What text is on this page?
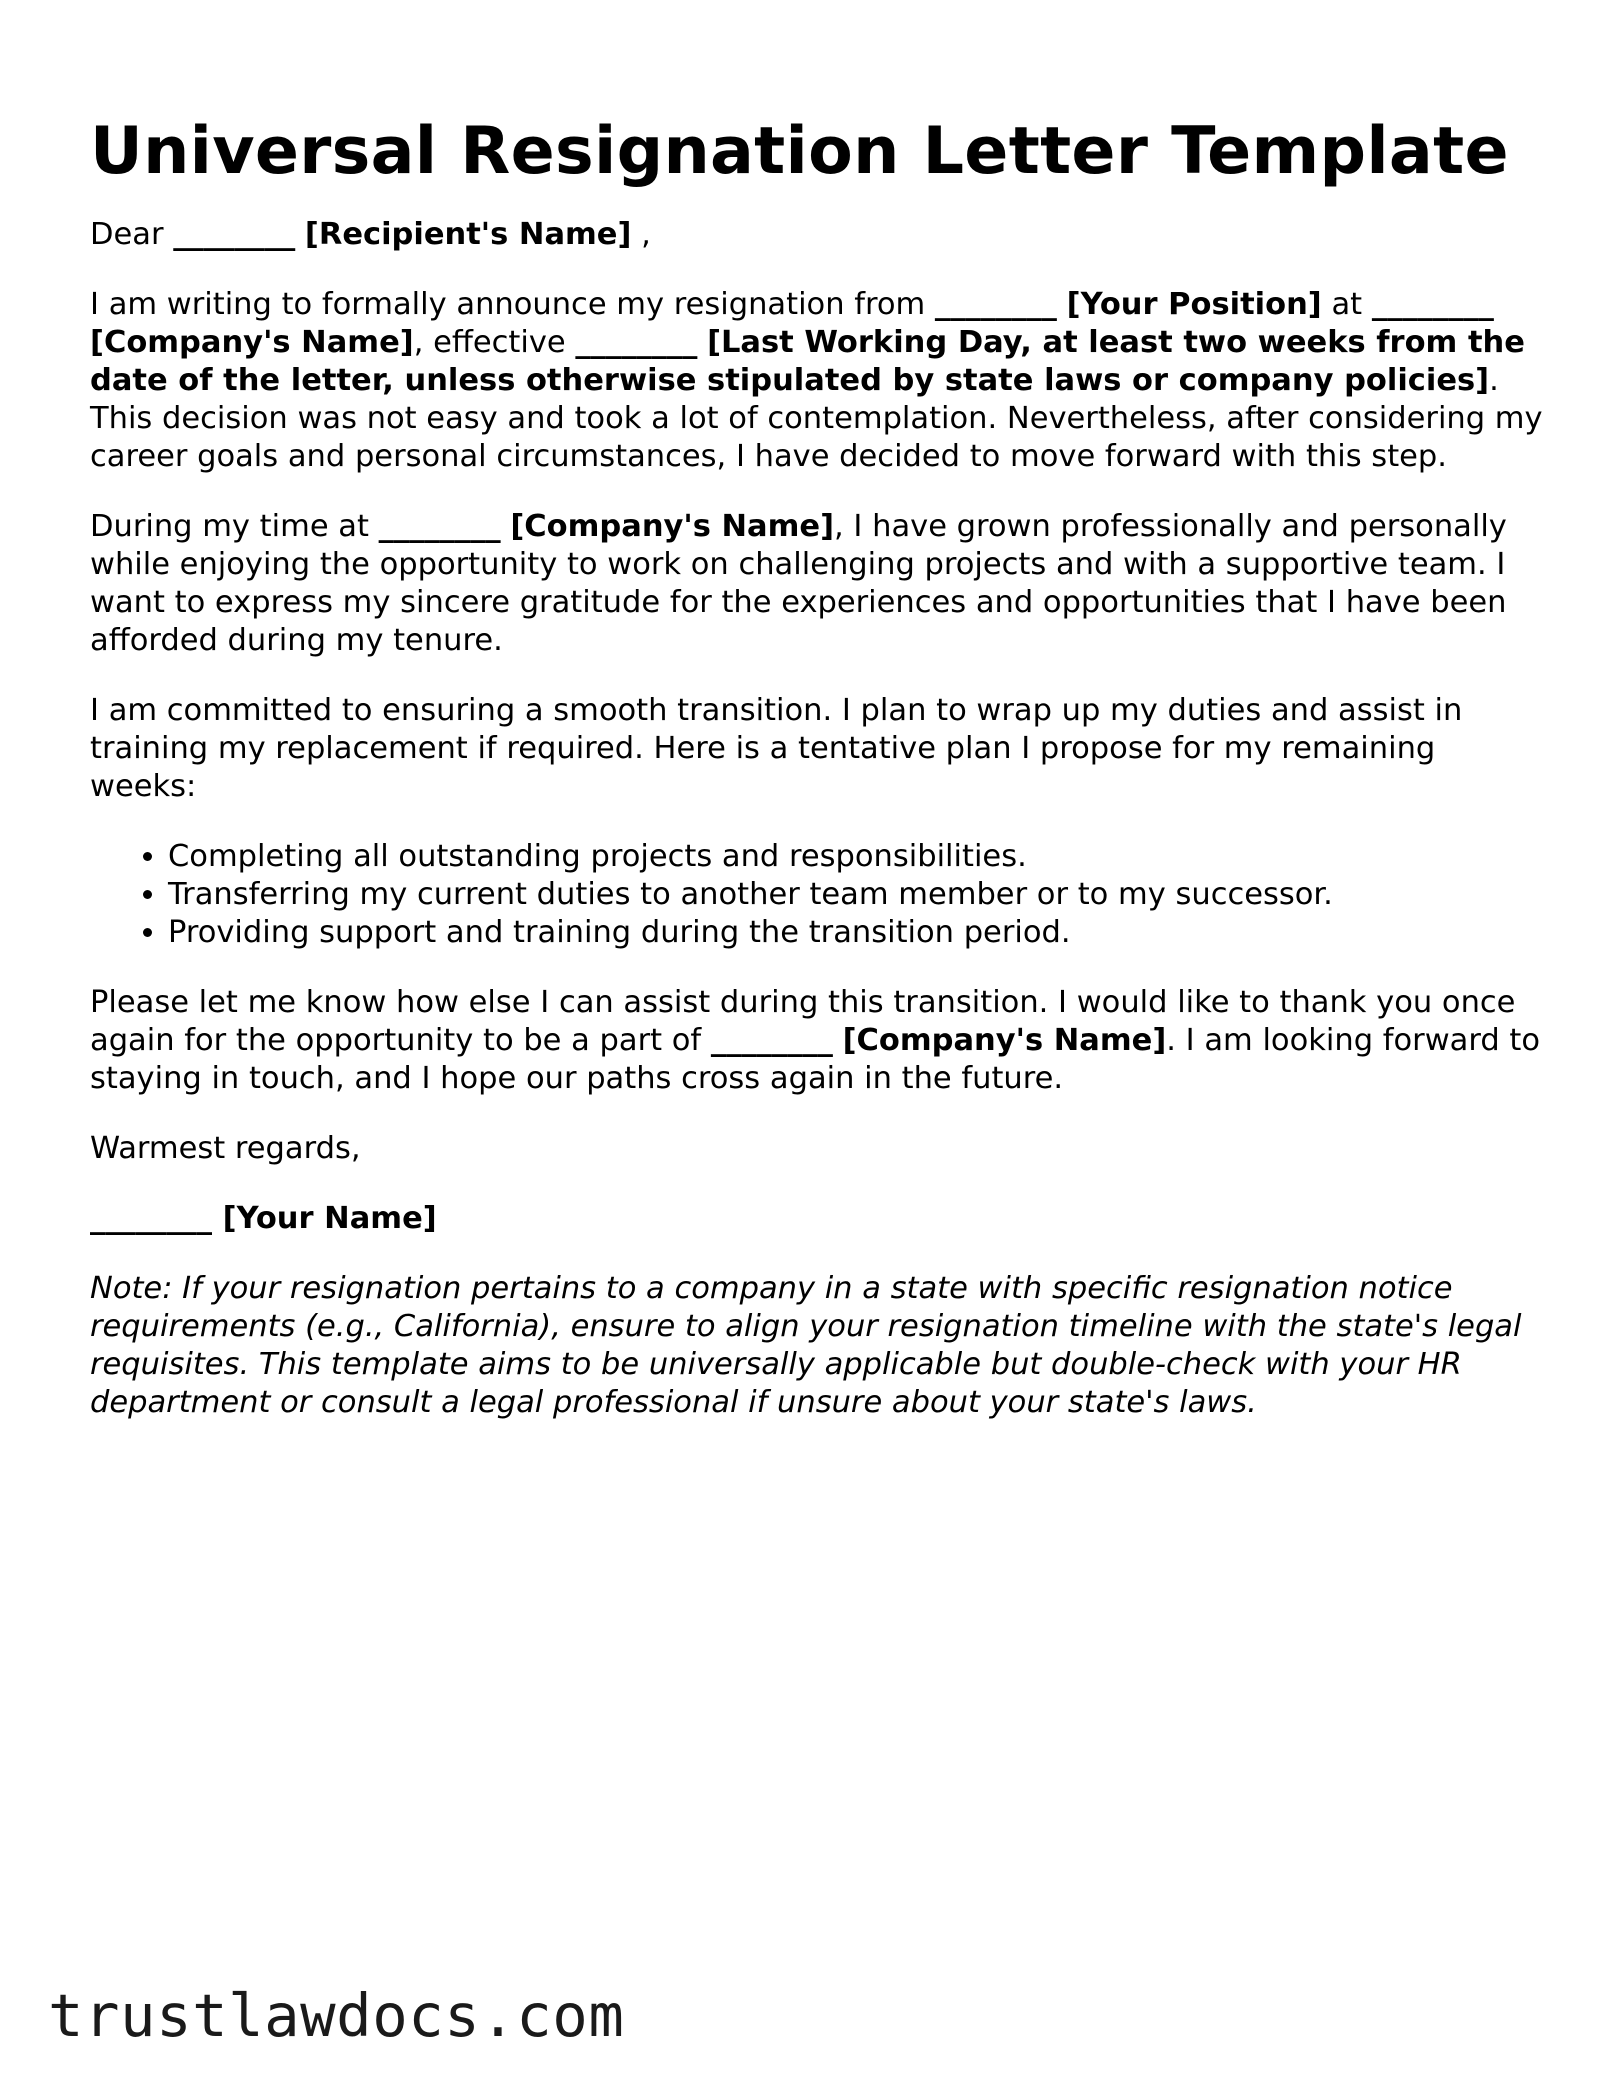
Universal Resignation Letter Template

Dear ________ [Recipient's Name] ,

I am writing to formally announce my resignation from ________ [Your Position] at ________ [Company's Name], effective ________ [Last Working Day, at least two weeks from the date of the letter, unless otherwise stipulated by state laws or company policies]. This decision was not easy and took a lot of contemplation. Nevertheless, after considering my career goals and personal circumstances, I have decided to move forward with this step.

During my time at ________ [Company's Name], I have grown professionally and personally while enjoying the opportunity to work on challenging projects and with a supportive team. I want to express my sincere gratitude for the experiences and opportunities that I have been afforded during my tenure.

I am committed to ensuring a smooth transition. I plan to wrap up my duties and assist in training my replacement if required. Here is a tentative plan I propose for my remaining weeks:

• Completing all outstanding projects and responsibilities.
• Transferring my current duties to another team member or to my successor.
• Providing support and training during the transition period.

Please let me know how else I can assist during this transition. I would like to thank you once again for the opportunity to be a part of ________ [Company's Name]. I am looking forward to staying in touch, and I hope our paths cross again in the future.

Warmest regards,

________ [Your Name]

Note: If your resignation pertains to a company in a state with specific resignation notice requirements (e.g., California), ensure to align your resignation timeline with the state's legal requisites. This template aims to be universally applicable but double-check with your HR department or consult a legal professional if unsure about your state's laws.

trustlawdocs.com
